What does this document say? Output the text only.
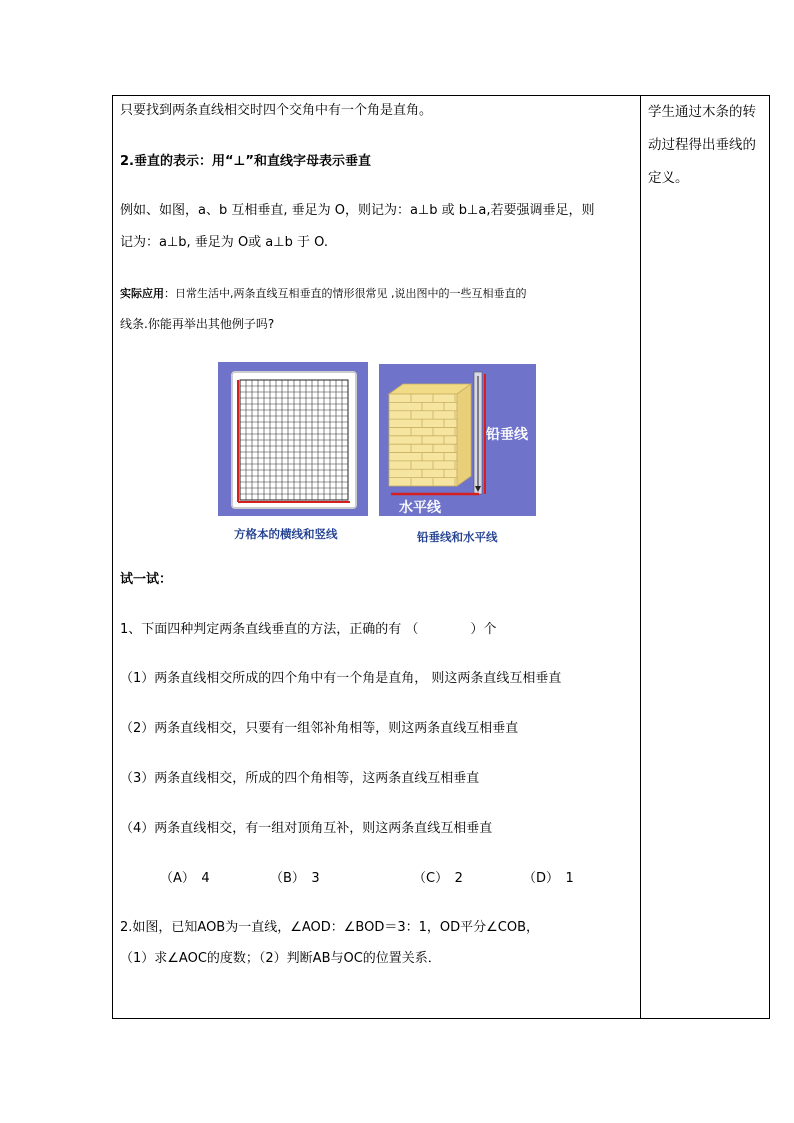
学生通过木条的转动过程得出垂线的定义。
只要找到两条直线相交时四个交角中有一个角是直角。
2.垂直的表示：用“⊥”和直线字母表示垂直
例如、如图，a、b 互相垂直, 垂足为 O，则记为：a⊥b 或 b⊥a,若要强调垂足，则
记为：a⊥b, 垂足为 O或 a⊥b 于 O.
实际应用：日常生活中,两条直线互相垂直的情形很常见 ,说出图中的一些互相垂直的
线条.你能再举出其他例子吗?
铅垂线
水平线
方格本的横线和竖线	铅垂线和水平线
试一试：
1、下面四种判定两条直线垂直的方法，正确的有 （　　　　）个
（1）两条直线相交所成的四个角中有一个角是直角， 则这两条直线互相垂直
（2）两条直线相交，只要有一组邻补角相等，则这两条直线互相垂直
（3）两条直线相交，所成的四个角相等，这两条直线互相垂直
（4）两条直线相交，有一组对顶角互补，则这两条直线互相垂直
（A）　4	（B）　3	（C）　2	（D）　1
2.如图，已知AOB为一直线，∠AOD：∠BOD＝3：1，OD平分∠COB，
（1）求∠AOC的度数；（2）判断AB与OC的位置关系．
